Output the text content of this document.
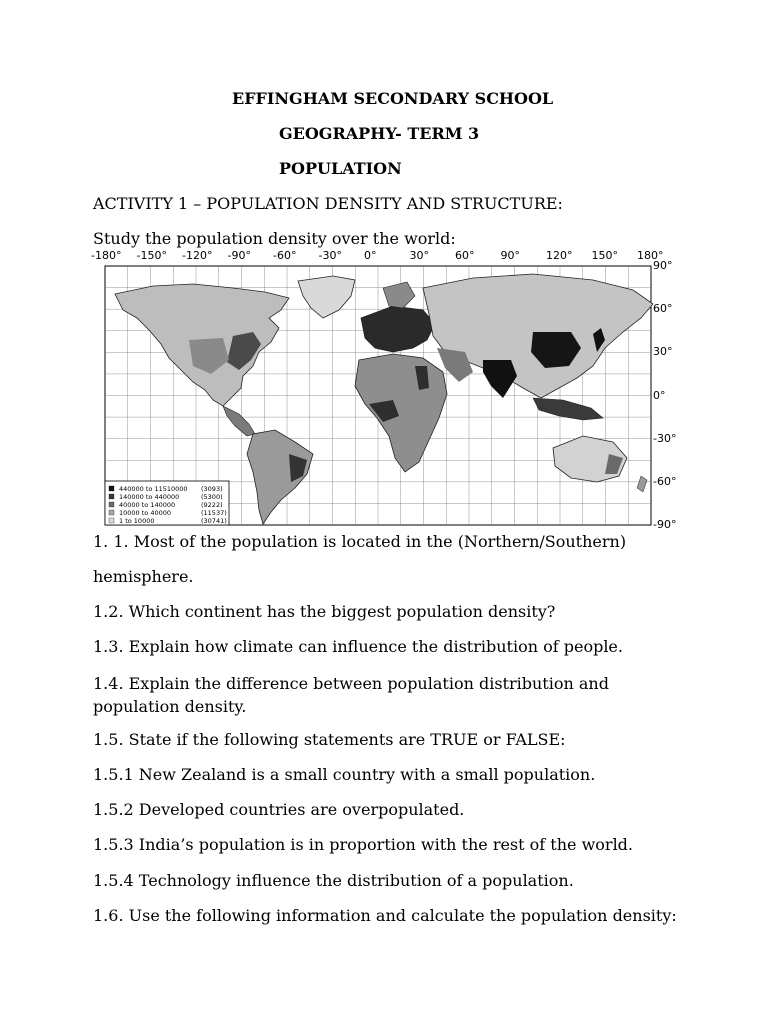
EFFINGHAM SECONDARY SCHOOL
GEOGRAPHY- TERM 3
POPULATION
ACTIVITY 1 – POPULATION DENSITY AND STRUCTURE:
Study the population density over the world:
-180° -150° -120° -90° -60° -30° 0°	30° 60° 90° 120° 150° 180°
90°
60°
30°
0°
-30°
-60°
-90°
440000 to 11510000 (3093)
140000 to 440000	(5300)
40000 to 140000	(9222)
10000 to 40000	(11537)
1 to 10000	(30741)
1. 1. Most of the population is located in the (Northern/Southern)
hemisphere.
1.2. Which continent has the biggest population density?
1.3. Explain how climate can influence the distribution of people.
1.4. Explain the difference between population distribution and population density.
1.5. State if the following statements are TRUE or FALSE:
1.5.1 New Zealand is a small country with a small population.
1.5.2 Developed countries are overpopulated.
1.5.3 India’s population is in proportion with the rest of the world.
1.5.4 Technology influence the distribution of a population.
1.6. Use the following information and calculate the population density:
